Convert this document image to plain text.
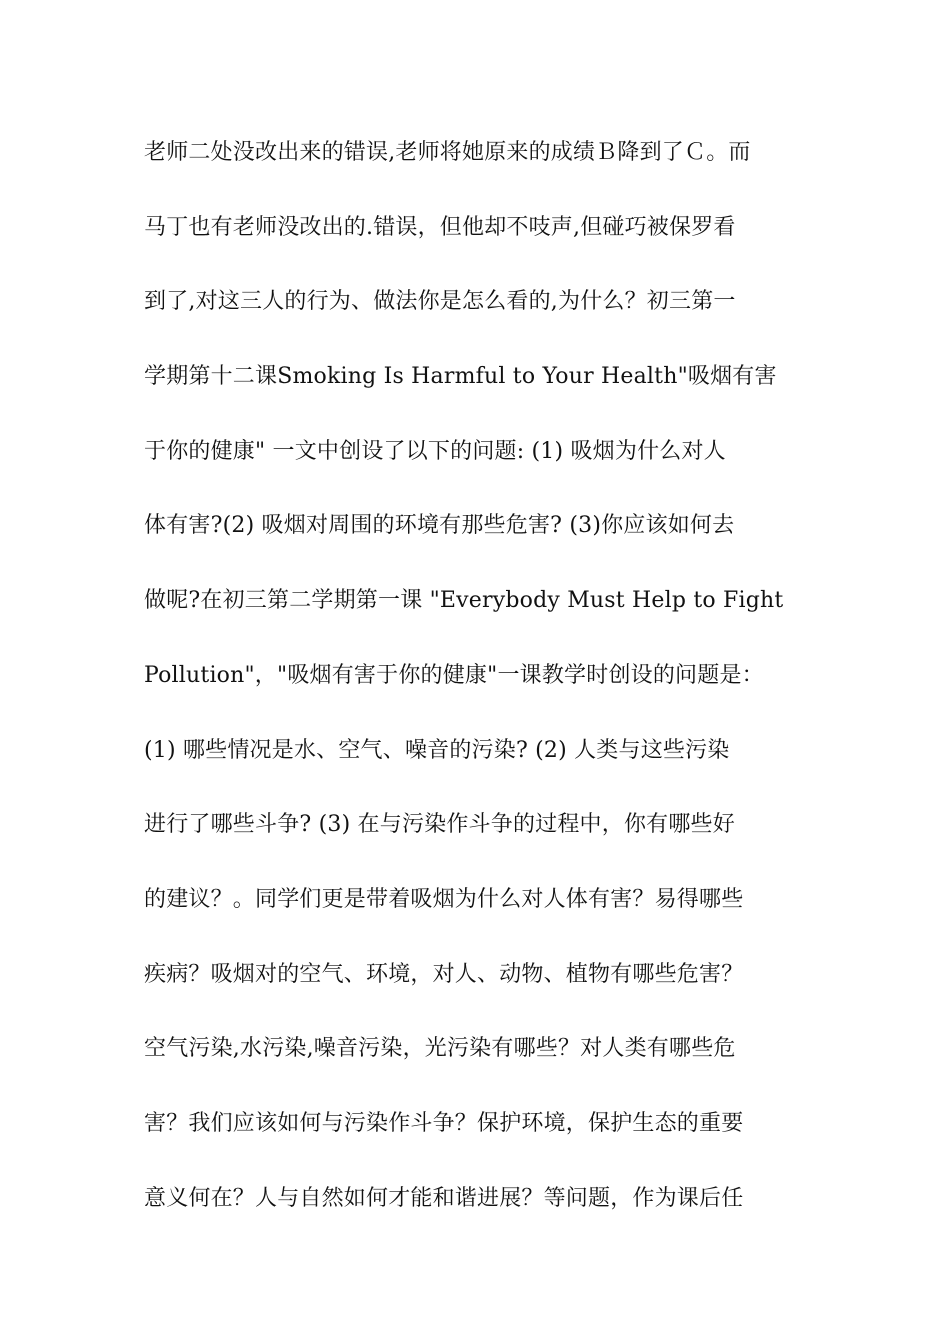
老师二处没改出来的错误,老师将她原来的成绩Ｂ降到了Ｃ。而
马丁也有老师没改出的.错误，但他却不吱声,但碰巧被保罗看
到了,对这三人的行为、做法你是怎么看的,为什么？初三第一
学期第十二课Smoking Is Harmful to Your Health"吸烟有害
于你的健康" 一文中创设了以下的问题: (1) 吸烟为什么对人
体有害?(2) 吸烟对周围的环境有那些危害? (3)你应该如何去
做呢?在初三第二学期第一课 "Everybody Must Help to Fight
Pollution"，"吸烟有害于你的健康"一课教学时创设的问题是：
(1) 哪些情况是水、空气、噪音的污染? (2) 人类与这些污染
进行了哪些斗争? (3) 在与污染作斗争的过程中，你有哪些好
的建议？。同学们更是带着吸烟为什么对人体有害？易得哪些
疾病？吸烟对的空气、环境，对人、动物、植物有哪些危害？
空气污染,水污染,噪音污染，光污染有哪些？对人类有哪些危
害？我们应该如何与污染作斗争？保护环境，保护生态的重要
意义何在？人与自然如何才能和谐进展？等问题，作为课后任
